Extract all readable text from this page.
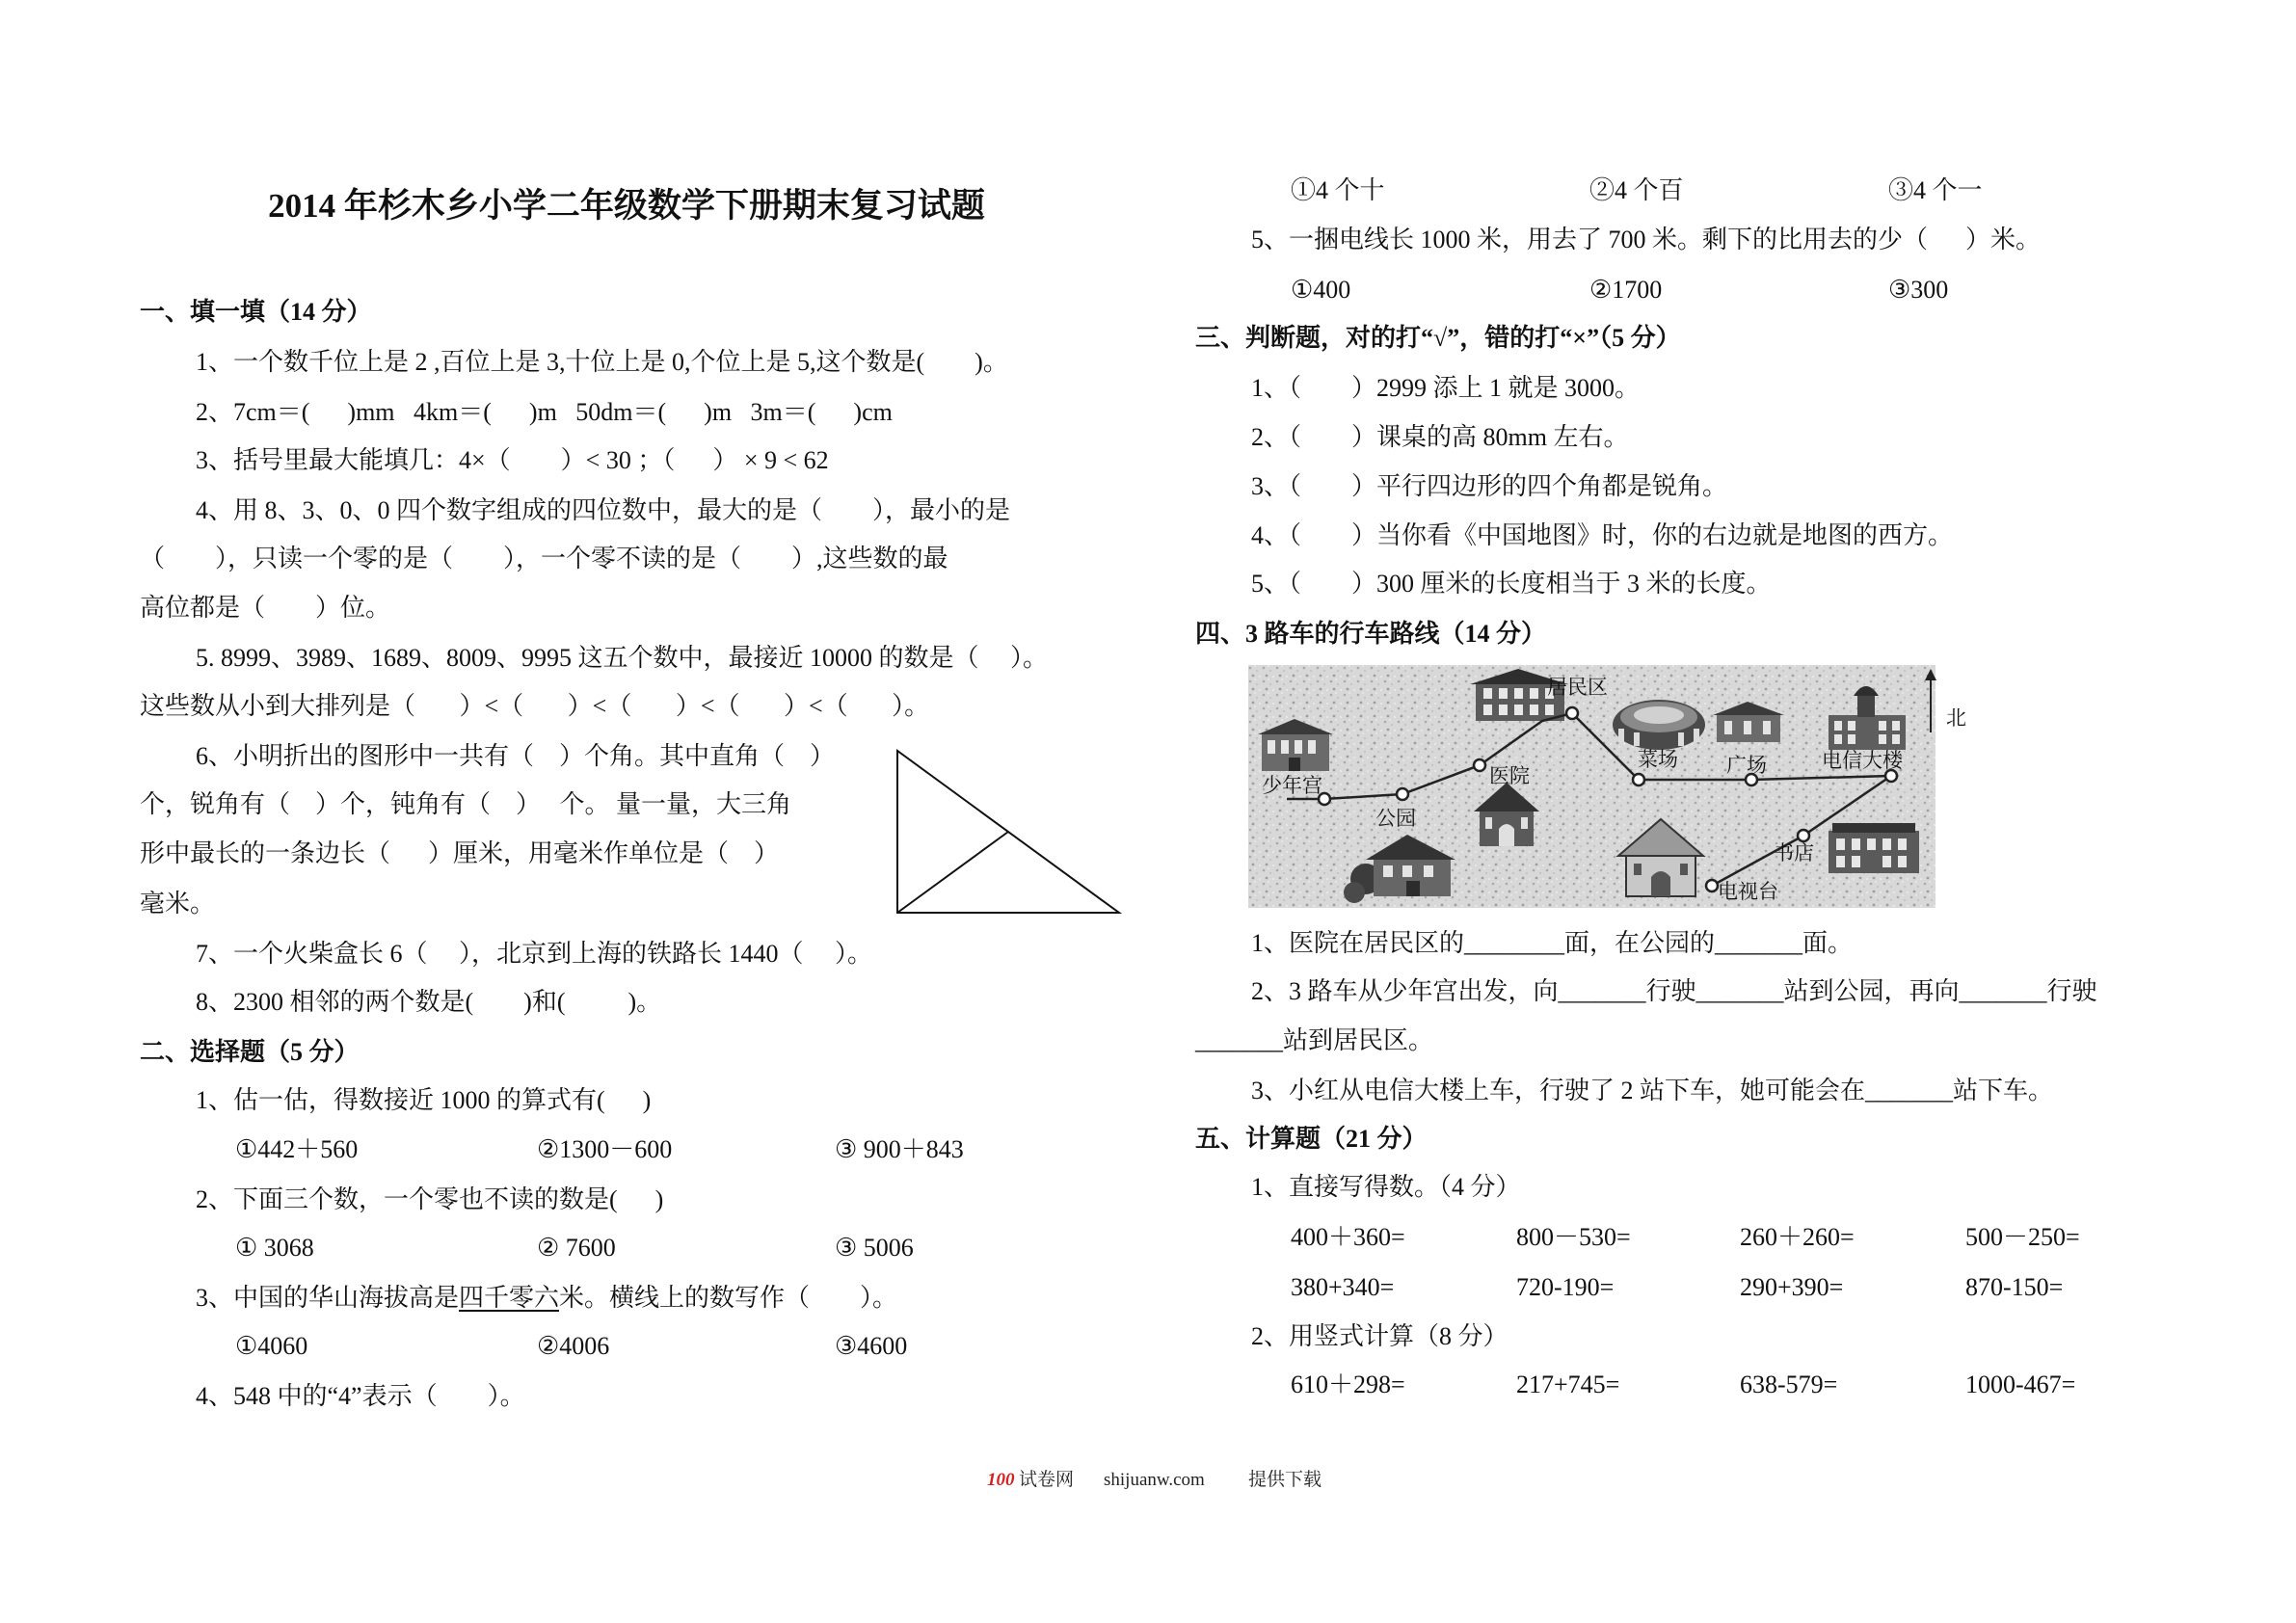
2014 年杉木乡小学二年级数学下册期末复习试题
一、填一填（14 分）
1、一个数千位上是 2 ,百位上是 3,十位上是 0,个位上是 5,这个数是(        )。
2、7cm＝(      )mm   4km＝(      )m   50dm＝(      )m   3m＝(      )cm
3、括号里最大能填几：4×（        ）< 30 ；（      ） × 9 < 62
4、用 8、3、0、0 四个数字组成的四位数中，最大的是（        ），最小的是
（        ），只读一个零的是（        ），一个零不读的是（        ）,这些数的最
高位都是（        ）位。
5. 8999、3989、1689、8009、9995 这五个数中，最接近 10000 的数是（     ）。
这些数从小到大排列是（       ）<（       ）<（       ）<（       ）<（       ）。
6、小明折出的图形中一共有（    ）个角。其中直角（    ）
个，锐角有（    ）个，钝角有（    ）   个。 量一量，大三角
形中最长的一条边长（      ）厘米，用毫米作单位是（    ）
毫米。
7、一个火柴盒长 6（     ），北京到上海的铁路长 1440（     ）。
8、2300 相邻的两个数是(        )和(          )。
二、选择题（5 分）
1、估一估，得数接近 1000 的算式有(      )
①442＋560	②1300－600	③ 900＋843
2、下面三个数，一个零也不读的数是(      )
① 3068	② 7600	③ 5006
3、中国的华山海拔高是四千零六米。横线上的数写作（        ）。
①4060	②4006	③4600
4、548 中的“4”表示（        ）。
①4 个十	②4 个百	③4 个一
5、一捆电线长 1000 米，用去了 700 米。剩下的比用去的少（      ）米。
①400	②1700	③300
三、判断题，对的打“√”，错的打“×”（5 分）
1、（        ）2999 添上 1 就是 3000。
2、（        ）课桌的高 80mm 左右。
3、（        ）平行四边形的四个角都是锐角。
4、（        ）当你看《中国地图》时，你的右边就是地图的西方。
5、（        ）300 厘米的长度相当于 3 米的长度。
四、3 路车的行车路线（14 分）
居民区
少年宫	医院
公园
菜场 广场	电信大楼
书店
电视台
北
1、医院在居民区的________面，在公园的_______面。
2、3 路车从少年宫出发，向_______行驶_______站到公园，再向_______行驶
_______站到居民区。
3、小红从电信大楼上车，行驶了 2 站下车，她可能会在_______站下车。
五、计算题（21 分）
1、直接写得数。（4 分）
400＋360=	800－530=	260＋260=	500－250=
380+340=	720-190=	290+390=	870-150=
2、用竖式计算（8 分）
610＋298=	217+745=	638-579=	1000-467=
100 试卷网 shijuanw.com 提供下载
